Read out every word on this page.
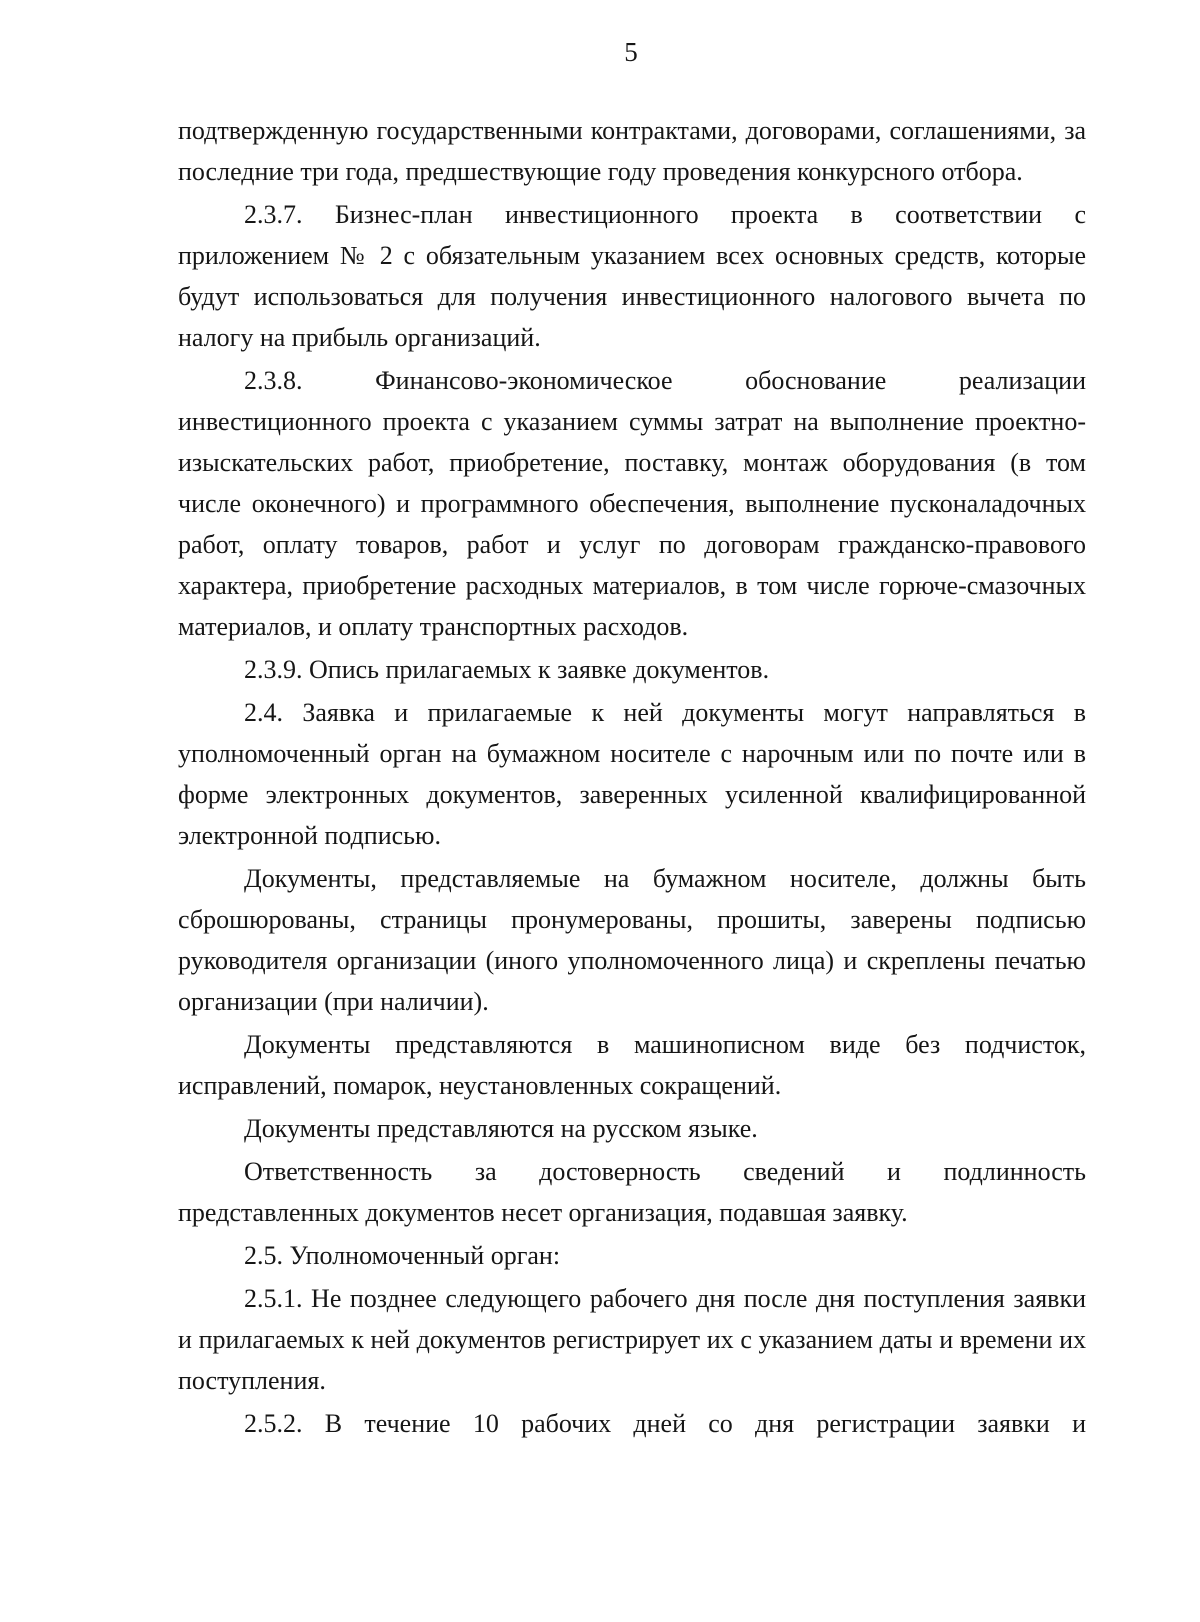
5

подтвержденную государственными контрактами, договорами, соглашениями, за последние три года, предшествующие году проведения конкурсного отбора.

2.3.7. Бизнес-план инвестиционного проекта в соответствии с приложением № 2 с обязательным указанием всех основных средств, которые будут использоваться для получения инвестиционного налогового вычета по налогу на прибыль организаций.

2.3.8. Финансово-экономическое обоснование реализации инвестиционного проекта с указанием суммы затрат на выполнение проектно-изыскательских работ, приобретение, поставку, монтаж оборудования (в том числе оконечного) и программного обеспечения, выполнение пусконаладочных работ, оплату товаров, работ и услуг по договорам гражданско-правового характера, приобретение расходных материалов, в том числе горюче-смазочных материалов, и оплату транспортных расходов.

2.3.9. Опись прилагаемых к заявке документов.

2.4. Заявка и прилагаемые к ней документы могут направляться в уполномоченный орган на бумажном носителе с нарочным или по почте или в форме электронных документов, заверенных усиленной квалифицированной электронной подписью.

Документы, представляемые на бумажном носителе, должны быть сброшюрованы, страницы пронумерованы, прошиты, заверены подписью руководителя организации (иного уполномоченного лица) и скреплены печатью организации (при наличии).

Документы представляются в машинописном виде без подчисток, исправлений, помарок, неустановленных сокращений.

Документы представляются на русском языке.

Ответственность за достоверность сведений и подлинность представленных документов несет организация, подавшая заявку.

2.5. Уполномоченный орган:

2.5.1. Не позднее следующего рабочего дня после дня поступления заявки и прилагаемых к ней документов регистрирует их с указанием даты и времени их поступления.

2.5.2. В течение 10 рабочих дней со дня регистрации заявки и
